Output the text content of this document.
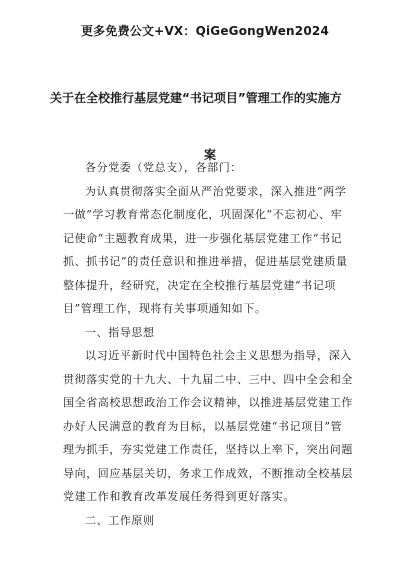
更多免费公文+VX：QiGeGongWen2024
关于在全校推行基层党建“书记项目”管理工作的实施方
案

各分党委（党总支），各部门：

为认真贯彻落实全面从严治党要求，深入推进“两学一做”学习教育常态化制度化，巩固深化“不忘初心、牢记使命”主题教育成果，进一步强化基层党建工作“书记抓、抓书记”的责任意识和推进举措，促进基层党建质量整体提升，经研究，决定在全校推行基层党建“书记项目”管理工作，现将有关事项通知如下。

一、指导思想

以习近平新时代中国特色社会主义思想为指导，深入贯彻落实党的十九大、十九届二中、三中、四中全会和全国全省高校思想政治工作会议精神，以推进基层党建工作办好人民满意的教育为目标，以基层党建“书记项目”管理为抓手，夯实党建工作责任，坚持以上率下，突出问题导向，回应基层关切，务求工作成效，不断推动全校基层党建工作和教育改革发展任务得到更好落实。

二、工作原则
